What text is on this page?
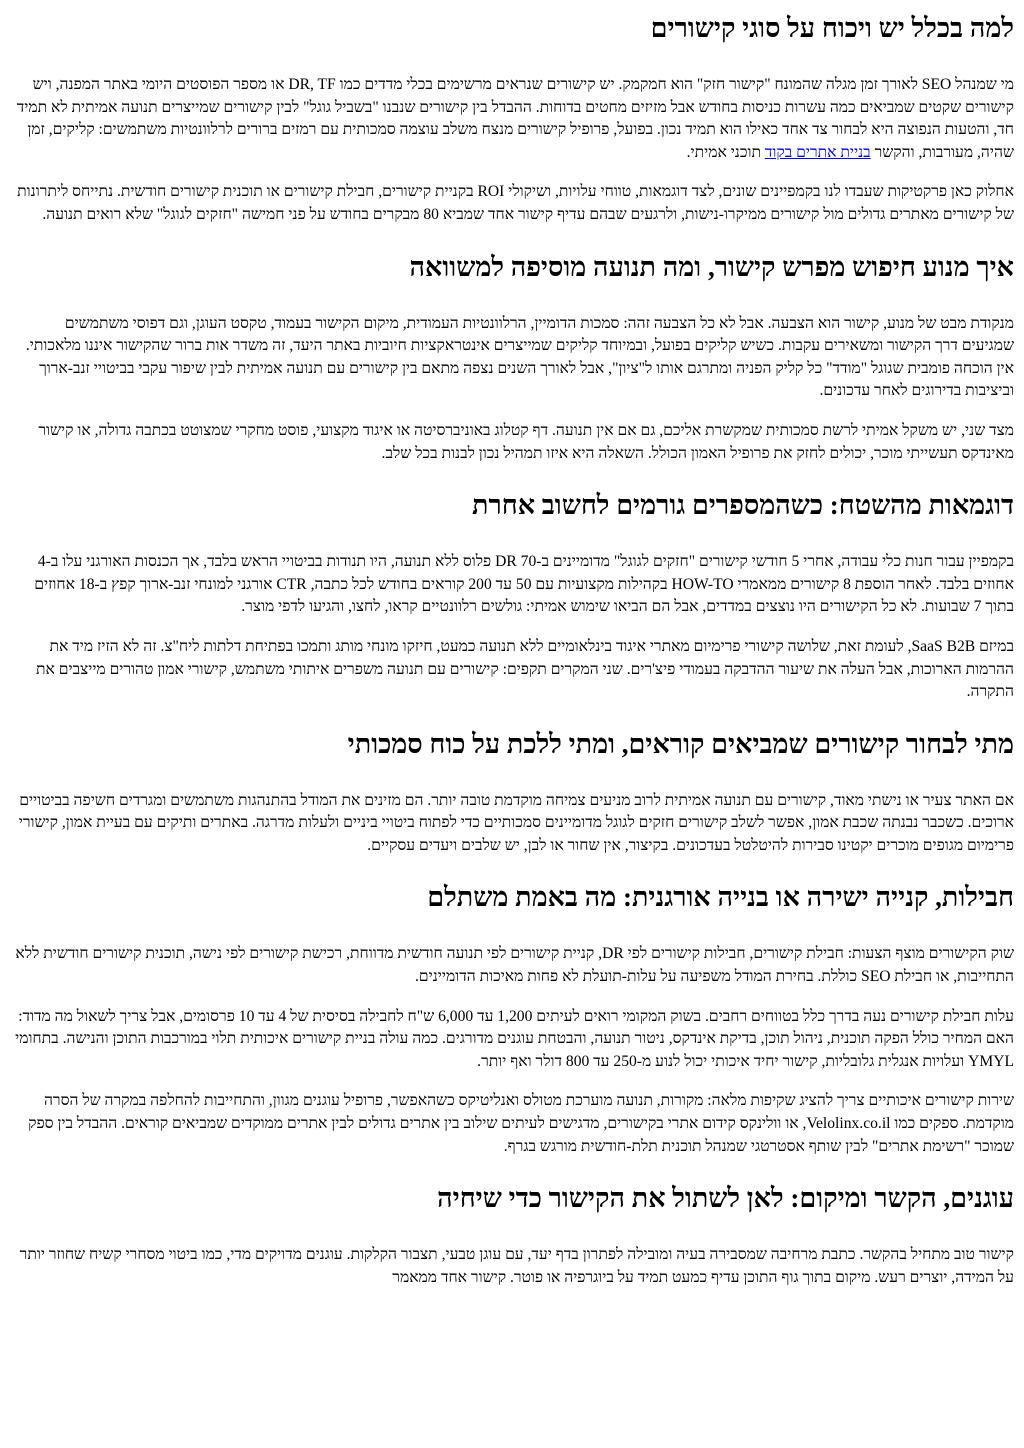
למה בכלל יש ויכוח על סוגי קישורים

מי שמנהל SEO לאורך זמן מגלה שהמונח "קישור חזק" הוא חמקמק. יש קישורים שנראים מרשימים בכלי מדדים כמו DR, TF או מספר הפוסטים היומי באתר המפנה, ויש קישורים שקטים שמביאים כמה עשרות כניסות בחודש אבל מזיזים מחטים בדוחות. ההבדל בין קישורים שנבנו "בשביל גוגל" לבין קישורים שמייצרים תנועה אמיתית לא תמיד חד, והטעות הנפוצה היא לבחור צד אחד כאילו הוא תמיד נכון. בפועל, פרופיל קישורים מנצח משלב עוצמה סמכותית עם רמזים ברורים לרלוונטיות משתמשים: קליקים, זמן שהיה, מעורבות, והקשר בניית אתרים בקוד תוכני אמיתי.

אחלוק כאן פרקטיקות שעבדו לנו בקמפיינים שונים, לצד דוגמאות, טווחי עלויות, ושיקולי ROI בקניית קישורים, חבילת קישורים או תוכנית קישורים חודשית. נתייחס ליתרונות של קישורים מאתרים גדולים מול קישורים ממיקרו-נישות, ולרגעים שבהם עדיף קישור אחד שמביא 80 מבקרים בחודש על פני חמישה "חזקים לגוגל" שלא רואים תנועה.

איך מנוע חיפוש מפרש קישור, ומה תנועה מוסיפה למשוואה

מנקודת מבט של מנוע, קישור הוא הצבעה. אבל לא כל הצבעה זהה: סמכות הדומיין, הרלוונטיות העמודית, מיקום הקישור בעמוד, טקסט העוגן, וגם דפוסי משתמשים שמגיעים דרך הקישור ומשאירים עקבות. כשיש קליקים בפועל, ובמיוחד קליקים שמייצרים אינטראקציות חיוביות באתר היעד, זה משדר אות ברור שהקישור איננו מלאכותי. אין הוכחה פומבית שגוגל "מודד" כל קליק הפניה ומתרגם אותו ל"ציון", אבל לאורך השנים נצפה מתאם בין קישורים עם תנועה אמיתית לבין שיפור עקבי בביטויי זנב-ארוך וביציבות בדירוגים לאחר עדכונים.

מצד שני, יש משקל אמיתי לרשת סמכותית שמקשרת אליכם, גם אם אין תנועה. דף קטלוג באוניברסיטה או איגוד מקצועי, פוסט מחקרי שמצוטט בכתבה גדולה, או קישור מאינדקס תעשייתי מוכר, יכולים לחזק את פרופיל האמון הכולל. השאלה היא איזו תמהיל נכון לבנות בכל שלב.

דוגמאות מהשטח: כשהמספרים גורמים לחשוב אחרת

בקמפיין עבור חנות כלי עבודה, אחרי 5 חודשי קישורים "חזקים לגוגל" מדומיינים ב-DR 70 פלוס ללא תנועה, היו תנודות בביטויי הראש בלבד, אך הכנסות האורגני עלו ב-4 אחוזים בלבד. לאחר הוספת 8 קישורים ממאמרי HOW-TO בקהילות מקצועיות עם 50 עד 200 קוראים בחודש לכל כתבה, CTR אורגני למונחי זנב-ארוך קפץ ב-18 אחוזים בתוך 7 שבועות. לא כל הקישורים היו נוצצים במדדים, אבל הם הביאו שימוש אמיתי: גולשים רלוונטיים קראו, לחצו, והגיעו לדפי מוצר.

במיזם SaaS B2B, לעומת זאת, שלושה קישורי פרימיום מאתרי איגוד בינלאומיים ללא תנועה כמעט, חיזקו מונחי מותג ותמכו בפתיחת דלתות ליח"צ. זה לא הזיז מיד את ההרמות הארוכות, אבל העלה את שיעור ההדבקה בעמודי פיצ'רים. שני המקרים תקפים: קישורים עם תנועה משפרים איתותי משתמש, קישורי אמון טהורים מייצבים את התקרה.

מתי לבחור קישורים שמביאים קוראים, ומתי ללכת על כוח סמכותי

אם האתר צעיר או נישתי מאוד, קישורים עם תנועה אמיתית לרוב מניעים צמיחה מוקדמת טובה יותר. הם מזינים את המודל בהתנהגות משתמשים ומגרדים חשיפה בביטויים ארוכים. כשכבר נבנתה שכבת אמון, אפשר לשלב קישורים חזקים לגוגל מדומיינים סמכותיים כדי לפתוח ביטויי ביניים ולעלות מדרגה. באתרים ותיקים עם בעיית אמון, קישורי פרימיום מגופים מוכרים יקטינו סבירות להיטלטל בעדכונים. בקיצור, אין שחור או לבן, יש שלבים ויעדים עסקיים.

חבילות, קנייה ישירה או בנייה אורגנית: מה באמת משתלם

שוק הקישורים מוצף הצעות: חבילת קישורים, חבילות קישורים לפי DR, קניית קישורים לפי תנועה חודשית מדווחת, רכישת קישורים לפי נישה, תוכנית קישורים חודשית ללא התחייבות, או חבילת SEO כוללת. בחירת המודל משפיעה על עלות-תועלת לא פחות מאיכות הדומיינים.

עלות חבילת קישורים נעה בדרך כלל בטווחים רחבים. בשוק המקומי רואים לעיתים 1,200 עד 6,000 ש"ח לחבילה בסיסית של 4 עד 10 פרסומים, אבל צריך לשאול מה מדוד: האם המחיר כולל הפקה תוכנית, ניהול תוכן, בדיקת אינדקס, ניטור תנועה, והבטחת עוגנים מדורגים. כמה עולה בניית קישורים איכותית תלוי במורכבות התוכן והנישה. בתחומי YMYL ועלויות אנגלית גלובליות, קישור יחיד איכותי יכול לנוע מ-250 עד 800 דולר ואף יותר.

שירות קישורים איכותיים צריך להציג שקיפות מלאה: מקורות, תנועה מוערכת מטולס ואנליטיקס כשהאפשר, פרופיל עוגנים מגוון, והתחייבות להחלפה במקרה של הסרה מוקדמת. ספקים כמו Velolinx.co.il, או וולינקס קידום אתרי בקישורים, מדגישים לעיתים שילוב בין אתרים גדולים לבין אתרים ממוקדים שמביאים קוראים. ההבדל בין ספק שמוכר "רשימת אתרים" לבין שותף אסטרטגי שמנהל תוכנית תלת-חודשית מורגש בגרף.

עוגנים, הקשר ומיקום: לאן לשתול את הקישור כדי שיחיה

קישור טוב מתחיל בהקשר. כתבת מרחיבה שמסבירה בעיה ומובילה לפתרון בדף יעד, עם עוגן טבעי, תצבור הקלקות. עוגנים מדויקים מדי, כמו ביטוי מסחרי קשיח שחוזר יותר על המידה, יוצרים רעש. מיקום בתוך גוף התוכן עדיף כמעט תמיד על ביוגרפיה או פוטר. קישור אחד ממאמר
